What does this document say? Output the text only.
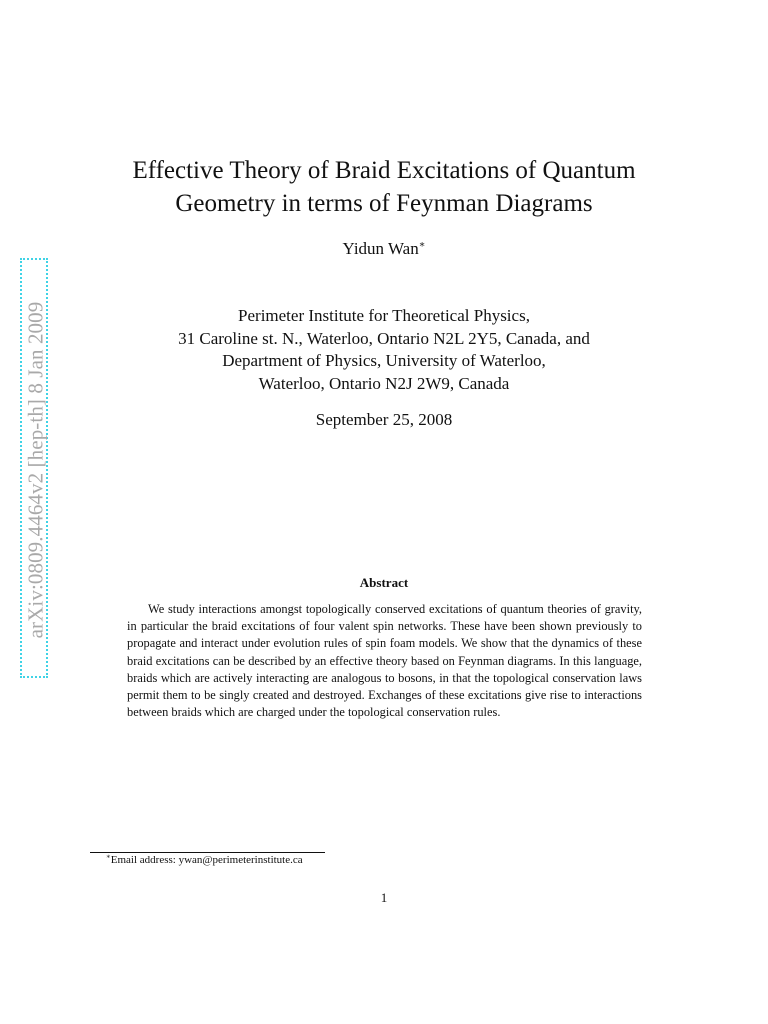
arXiv:0809.4464v2 [hep-th] 8 Jan 2009
Effective Theory of Braid Excitations of Quantum
Geometry in terms of Feynman Diagrams
Yidun Wan∗
Perimeter Institute for Theoretical Physics,
31 Caroline st. N., Waterloo, Ontario N2L 2Y5, Canada, and
Department of Physics, University of Waterloo,
Waterloo, Ontario N2J 2W9, Canada
September 25, 2008
Abstract

We study interactions amongst topologically conserved excitations of quantum theories of gravity, in particular the braid excitations of four valent spin networks. These have been shown previously to propagate and interact under evolution rules of spin foam models. We show that the dynamics of these braid excitations can be described by an effective theory based on Feynman diagrams. In this language, braids which are actively interacting are analogous to bosons, in that the topological conservation laws permit them to be singly created and destroyed. Exchanges of these excitations give rise to interactions between braids which are charged under the topological conservation rules.

∗Email address: ywan@perimeterinstitute.ca
1
